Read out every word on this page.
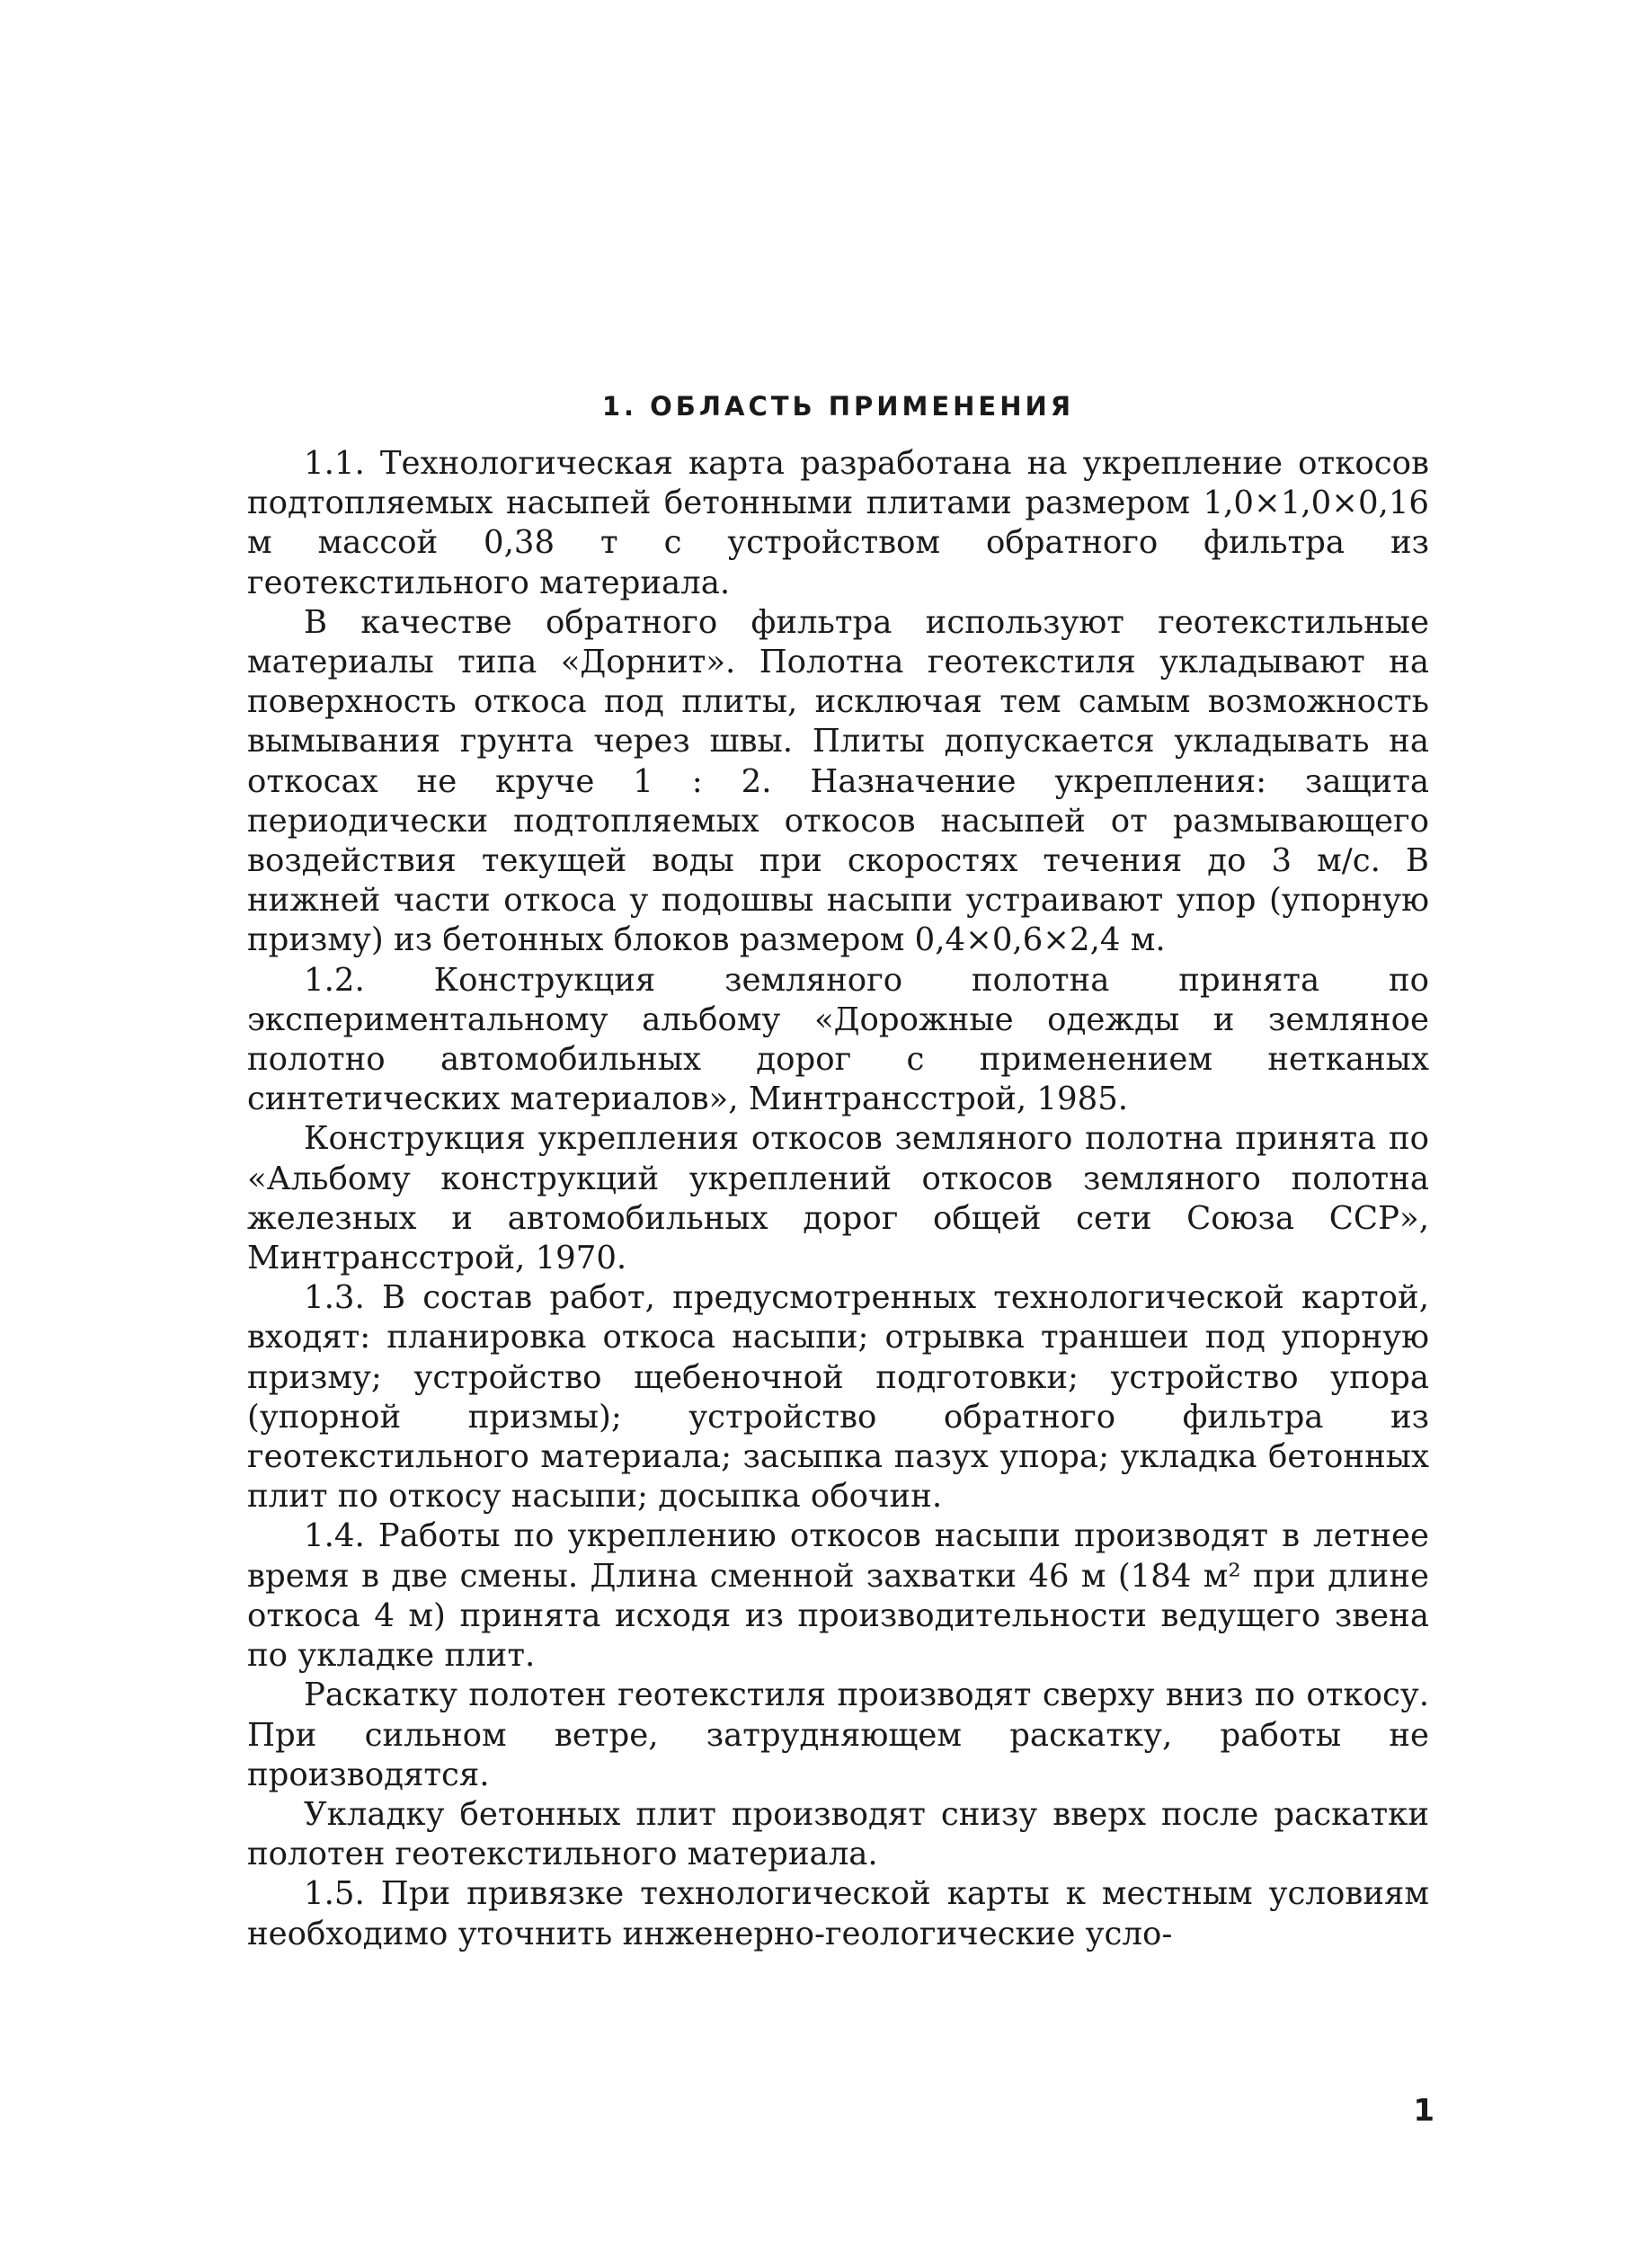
1. ОБЛАСТЬ ПРИМЕНЕНИЯ

1.1. Технологическая карта разработана на укрепление откосов подтопляемых насыпей бетонными плитами размером 1,0×1,0×0,16 м массой 0,38 т с устройством обратного фильтра из геотекстильного материала.

В качестве обратного фильтра используют геотекстильные материалы типа «Дорнит». Полотна геотекстиля укладывают на поверхность откоса под плиты, исключая тем самым возможность вымывания грунта через швы. Плиты допускается укладывать на откосах не круче 1 : 2. Назначение укрепления: защита периодически подтопляемых откосов насыпей от размывающего воздействия текущей воды при скоростях течения до 3 м/с. В нижней части откоса у подошвы насыпи устраивают упор (упорную призму) из бетонных блоков размером 0,4×0,6×2,4 м.

1.2. Конструкция земляного полотна принята по экспериментальному альбому «Дорожные одежды и земляное полотно автомобильных дорог с применением нетканых синтетических материалов», Минтрансстрой, 1985.

Конструкция укрепления откосов земляного полотна принята по «Альбому конструкций укреплений откосов земляного полотна железных и автомобильных дорог общей сети Союза ССР», Минтрансстрой, 1970.

1.3. В состав работ, предусмотренных технологической картой, входят: планировка откоса насыпи; отрывка траншеи под упорную призму; устройство щебеночной подготовки; устройство упора (упорной призмы); устройство обратного фильтра из геотекстильного материала; засыпка пазух упора; укладка бетонных плит по откосу насыпи; досыпка обочин.

1.4. Работы по укреплению откосов насыпи производят в летнее время в две смены. Длина сменной захватки 46 м (184 м² при длине откоса 4 м) принята исходя из производительности ведущего звена по укладке плит.

Раскатку полотен геотекстиля производят сверху вниз по откосу. При сильном ветре, затрудняющем раскатку, работы не производятся.

Укладку бетонных плит производят снизу вверх после раскатки полотен геотекстильного материала.

1.5. При привязке технологической карты к местным условиям необходимо уточнить инженерно-геологические усло-

1
